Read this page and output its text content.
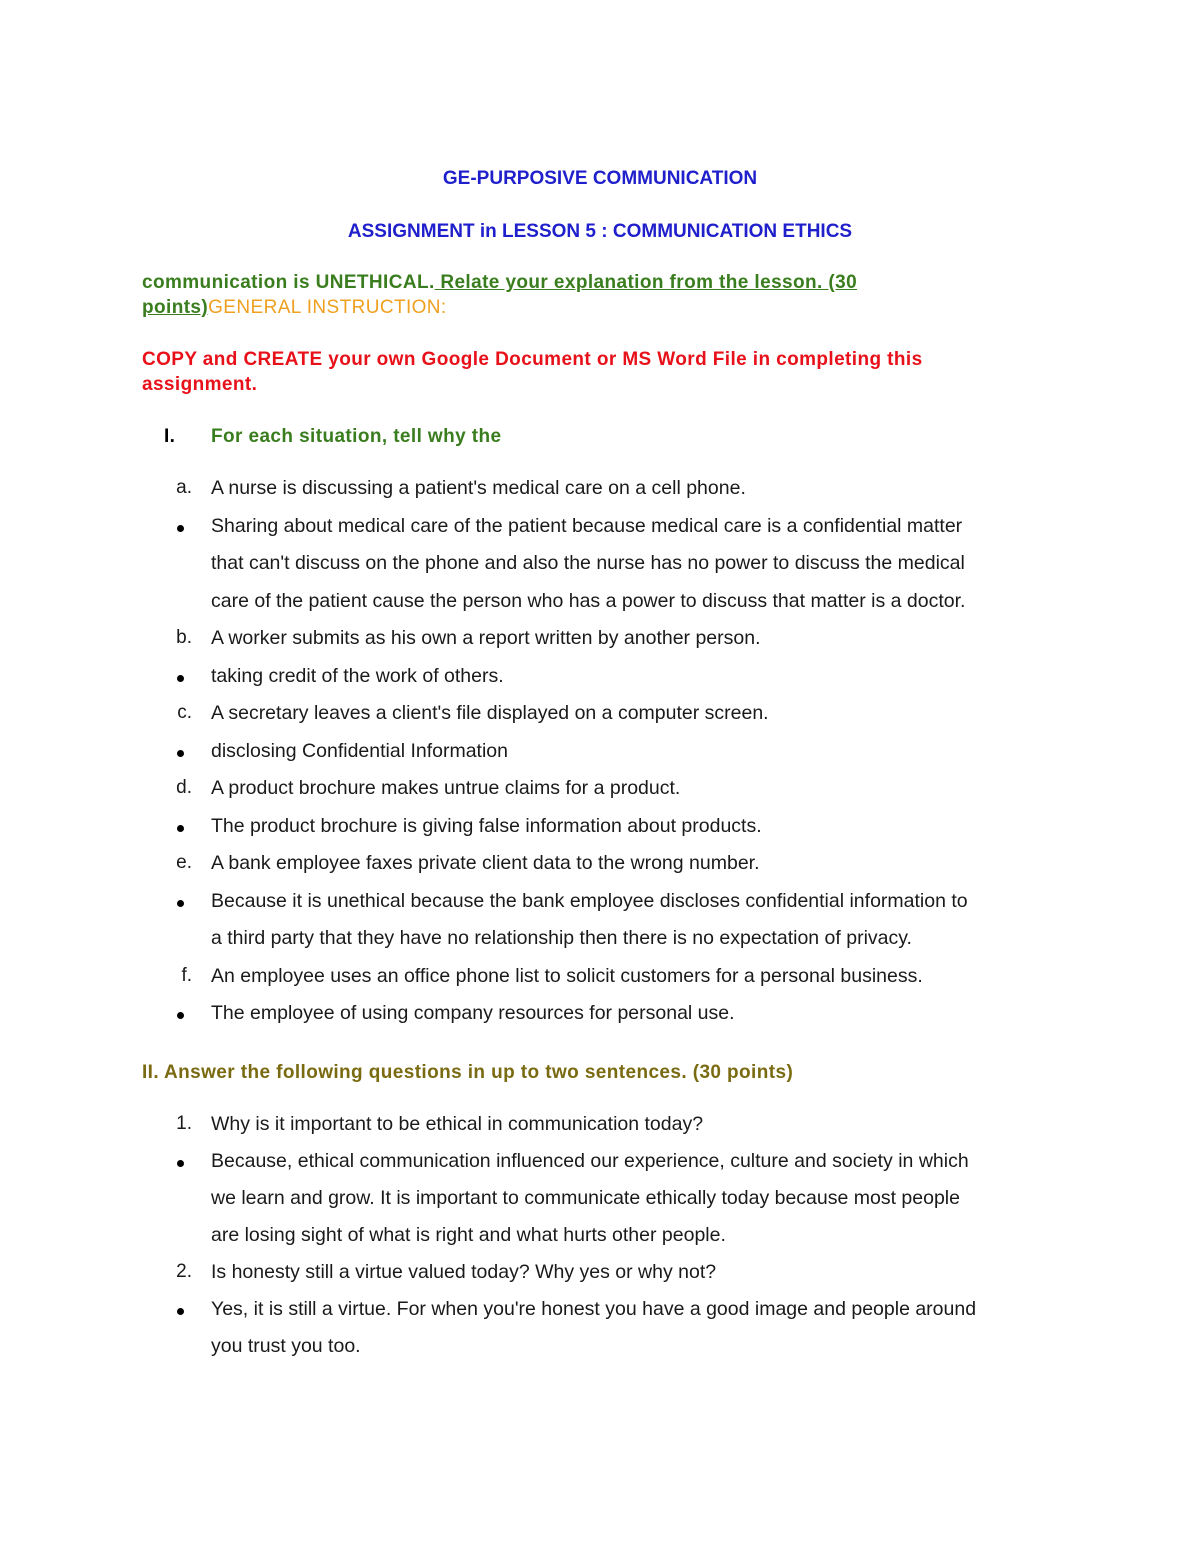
GE-PURPOSIVE COMMUNICATION
ASSIGNMENT in LESSON 5 : COMMUNICATION ETHICS
communication is UNETHICAL. Relate your explanation from the lesson. (30
points)GENERAL INSTRUCTION:
COPY and CREATE your own Google Document or MS Word File in completing this
assignment.
I. For each situation, tell why the
a. A nurse is discussing a patient's medical care on a cell phone.
Sharing about medical care of the patient because medical care is a confidential matter
that can't discuss on the phone and also the nurse has no power to discuss the medical
care of the patient cause the person who has a power to discuss that matter is a doctor.
b. A worker submits as his own a report written by another person.
taking credit of the work of others.
c. A secretary leaves a client's file displayed on a computer screen.
disclosing Confidential Information
d. A product brochure makes untrue claims for a product.
The product brochure is giving false information about products.
e. A bank employee faxes private client data to the wrong number.
Because it is unethical because the bank employee discloses confidential information to
a third party that they have no relationship then there is no expectation of privacy.
f. An employee uses an office phone list to solicit customers for a personal business.
The employee of using company resources for personal use.
II. Answer the following questions in up to two sentences. (30 points)
1. Why is it important to be ethical in communication today?
Because, ethical communication influenced our experience, culture and society in which
we learn and grow. It is important to communicate ethically today because most people
are losing sight of what is right and what hurts other people.
2. Is honesty still a virtue valued today? Why yes or why not?
Yes, it is still a virtue. For when you're honest you have a good image and people around
you trust you too.
